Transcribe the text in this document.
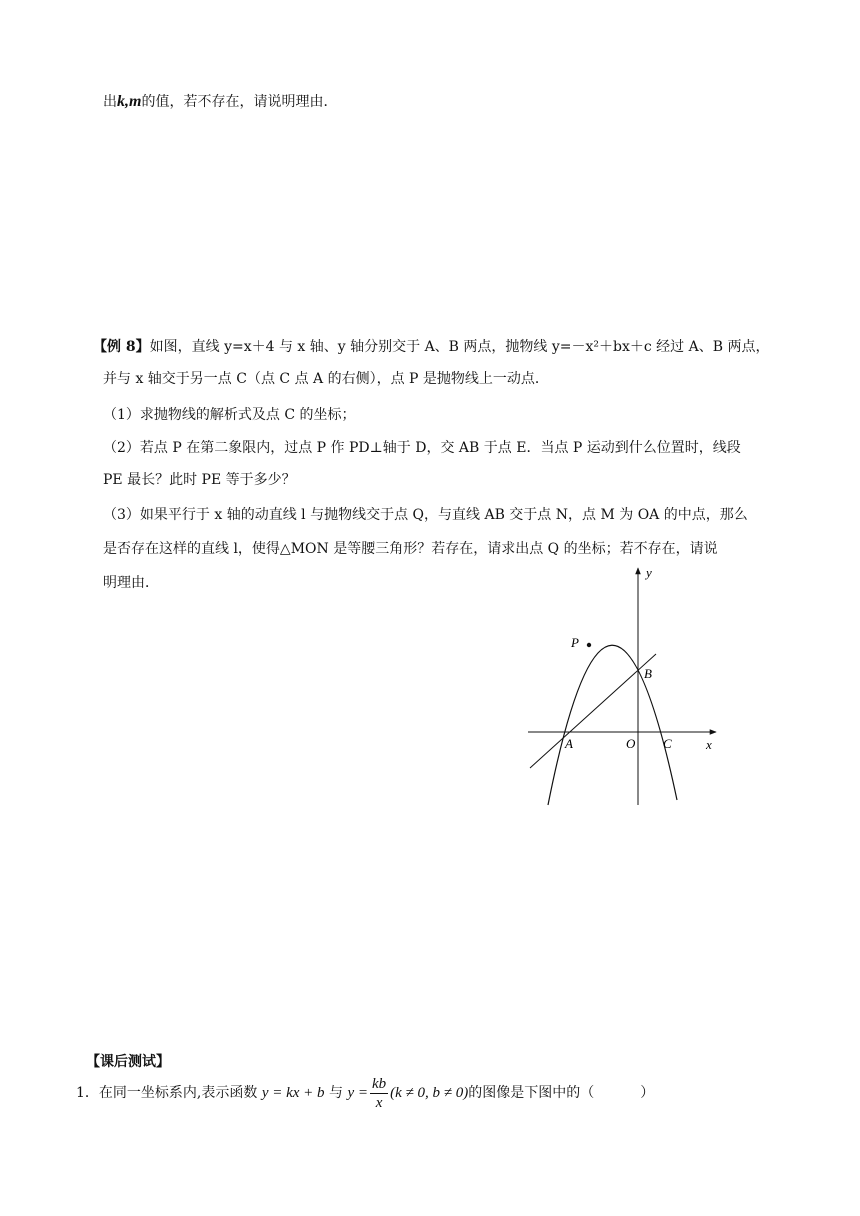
出k,m的值，若不存在，请说明理由．
【例 8】如图，直线 y=x＋4 与 x 轴、y 轴分别交于 A、B 两点，抛物线 y=－x²＋bx＋c 经过 A、B 两点，
并与 x 轴交于另一点 C（点 C 点 A 的右侧），点 P 是抛物线上一动点．
（1）求抛物线的解析式及点 C 的坐标；
（2）若点 P 在第二象限内，过点 P 作 PD⊥轴于 D，交 AB 于点 E．当点 P 运动到什么位置时，线段
PE 最长？此时 PE 等于多少？
（3）如果平行于 x 轴的动直线 l 与抛物线交于点 Q，与直线 AB 交于点 N，点 M 为 OA 的中点，那么
是否存在这样的直线 l，使得△MON 是等腰三角形？若存在，请求出点 Q 的坐标；若不存在，请说
明理由．
P
B
A	O C	x
y
【课后测试】
1．在同一坐标系内,表示函数 y = kx + b 与 $y = \frac{kb}{x} (k \ne 0$, b ≠ 0)的图像是下图中的（	）
